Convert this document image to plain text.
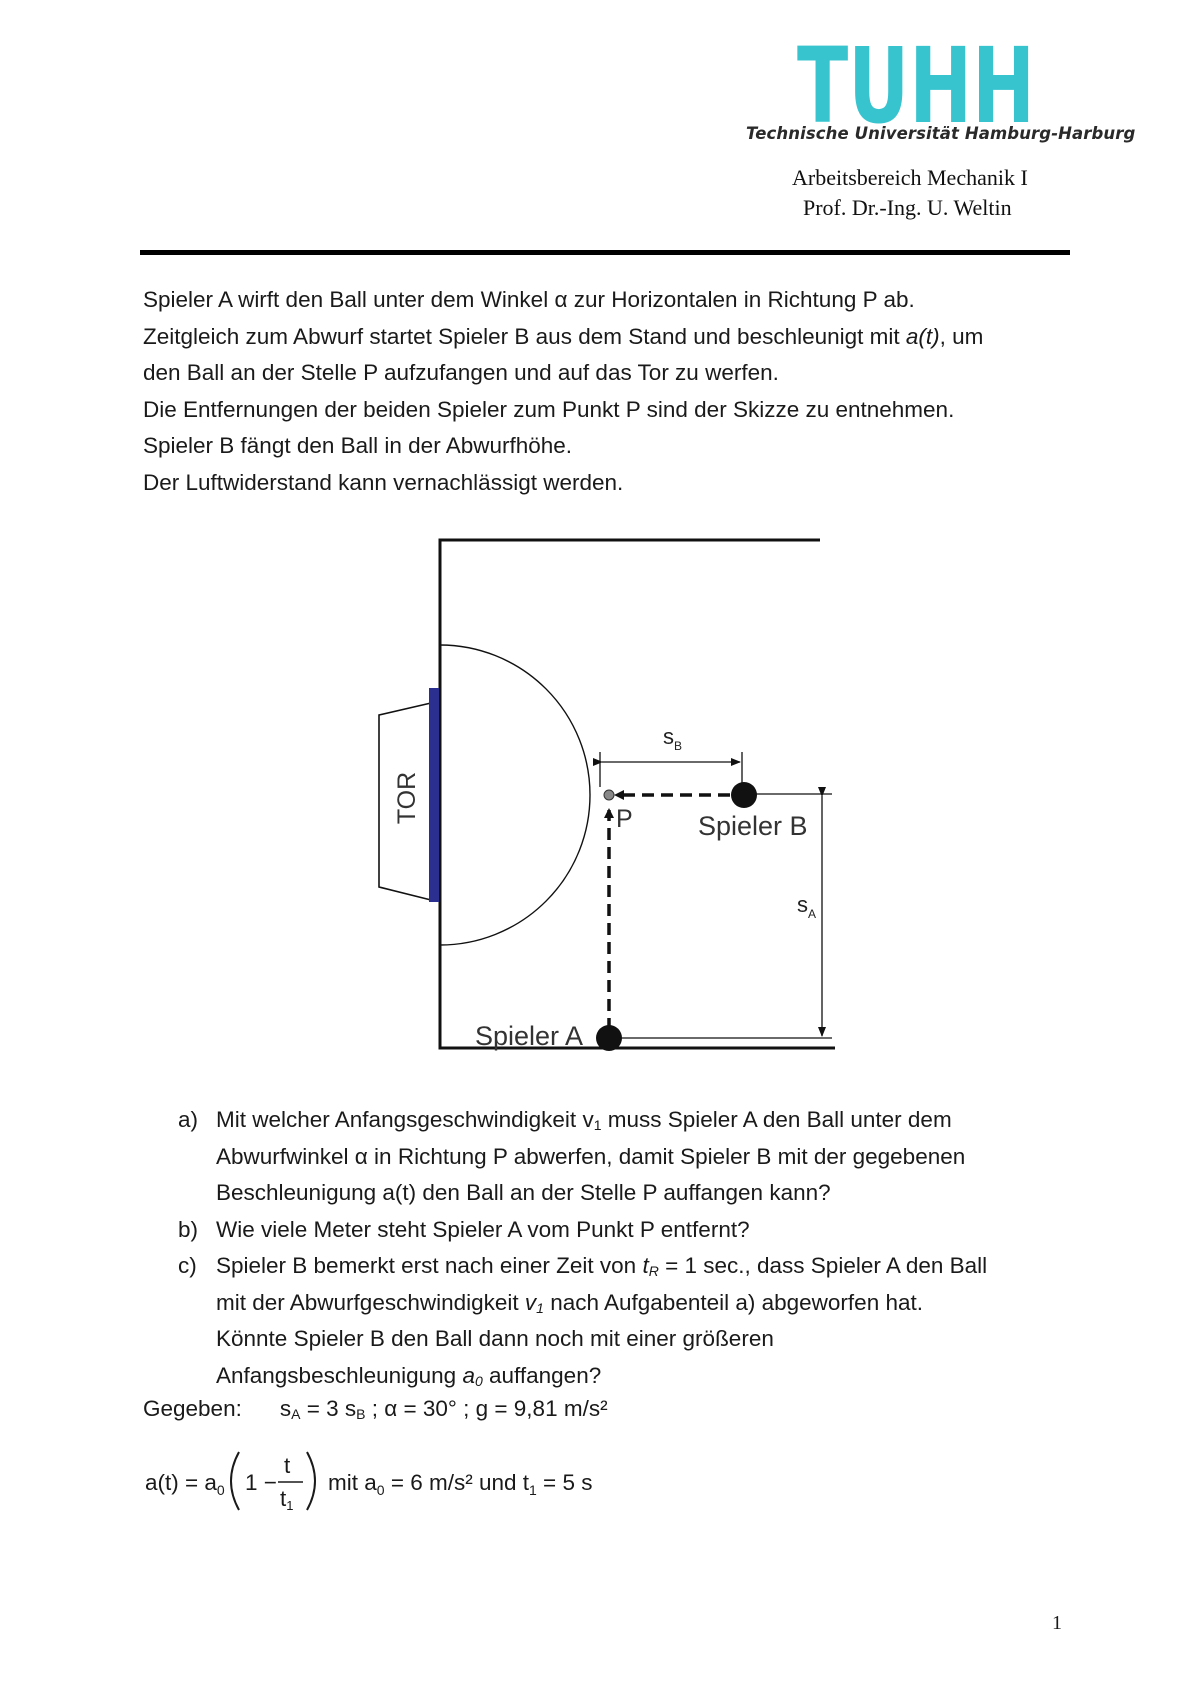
TUHH
Technische Universität Hamburg-Harburg
Arbeitsbereich Mechanik I
Prof. Dr.-Ing. U. Weltin

Spieler A wirft den Ball unter dem Winkel α zur Horizontalen in Richtung P ab.

Zeitgleich zum Abwurf startet Spieler B aus dem Stand und beschleunigt mit a(t), um

den Ball an der Stelle P aufzufangen und auf das Tor zu werfen.

Die Entfernungen der beiden Spieler zum Punkt P sind der Skizze zu entnehmen.

Spieler B fängt den Ball in der Abwurfhöhe.

Der Luftwiderstand kann vernachlässigt werden.

TOR
$s_B$
$s_A$
P Spieler B
Spieler A
a) Mit welcher Anfangsgeschwindigkeit $v_1$ muss Spieler A den Ball unter dem

Abwurfwinkel α in Richtung P abwerfen, damit Spieler B mit der gegebenen

Beschleunigung a(t) den Ball an der Stelle P auffangen kann?

b) Wie viele Meter steht Spieler A vom Punkt P entfernt?

c) Spieler B bemerkt erst nach einer Zeit von $t_R = 1$ sec., dass Spieler A den Ball

mit der Abwurfgeschwindigkeit $v_1$ nach Aufgabenteil a) abgeworfen hat.

Könnte Spieler B den Ball dann noch mit einer größeren

Anfangsbeschleunigung $a_0$ auffangen?

Gegeben: $s_A = 3$ $s_B$ ; α = 30° ; g = 9,81 m/s²
$a(t) = a_0$ 1 −
t
t1
mit $a_0 = 6$ m/s² und $t_1 = 5$ s
1
